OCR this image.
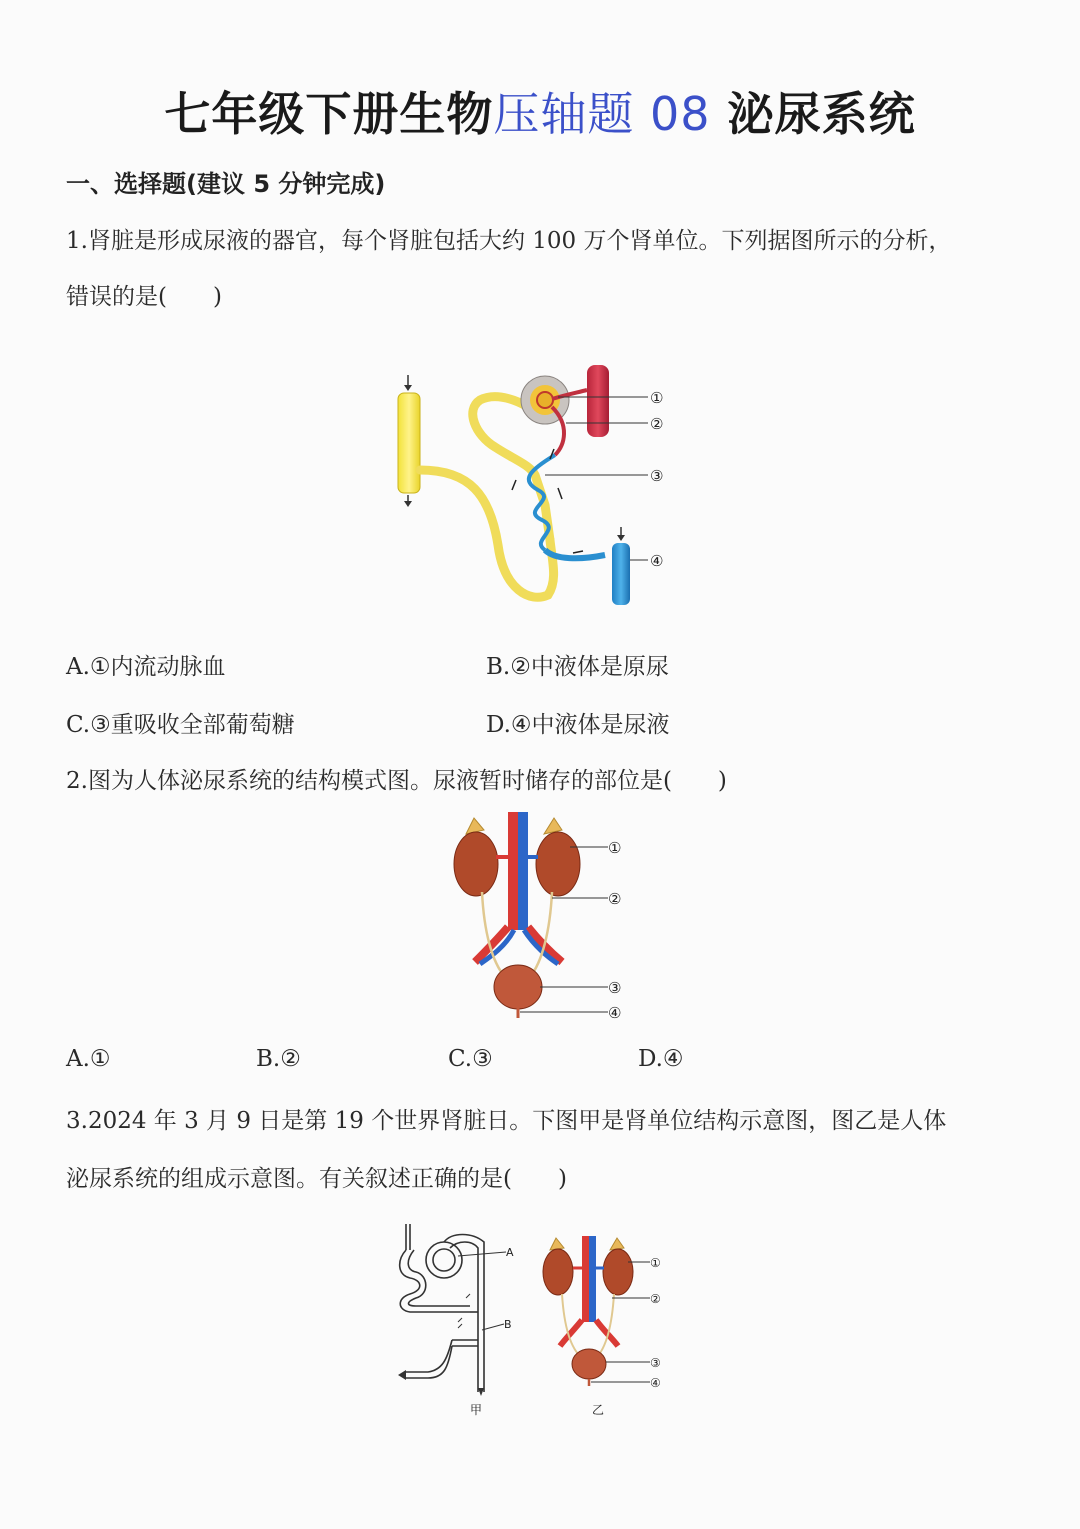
七年级下册生物压轴题 08 泌尿系统
一、选择题(建议 5 分钟完成)
1.肾脏是形成尿液的器官，每个肾脏包括大约 100 万个肾单位。下列据图所示的分析，
错误的是(　　)
①
②
③
④
A.①内流动脉血	B.②中液体是原尿
C.③重吸收全部葡萄糖	D.④中液体是尿液
2.图为人体泌尿系统的结构模式图。尿液暂时储存的部位是(　　)
①
②
③
④
A.①	B.②	C.③	D.④
3.2024 年 3 月 9 日是第 19 个世界肾脏日。下图甲是肾单位结构示意图，图乙是人体
泌尿系统的组成示意图。有关叙述正确的是(　　)
A
B
甲
①
②
③
④
乙
